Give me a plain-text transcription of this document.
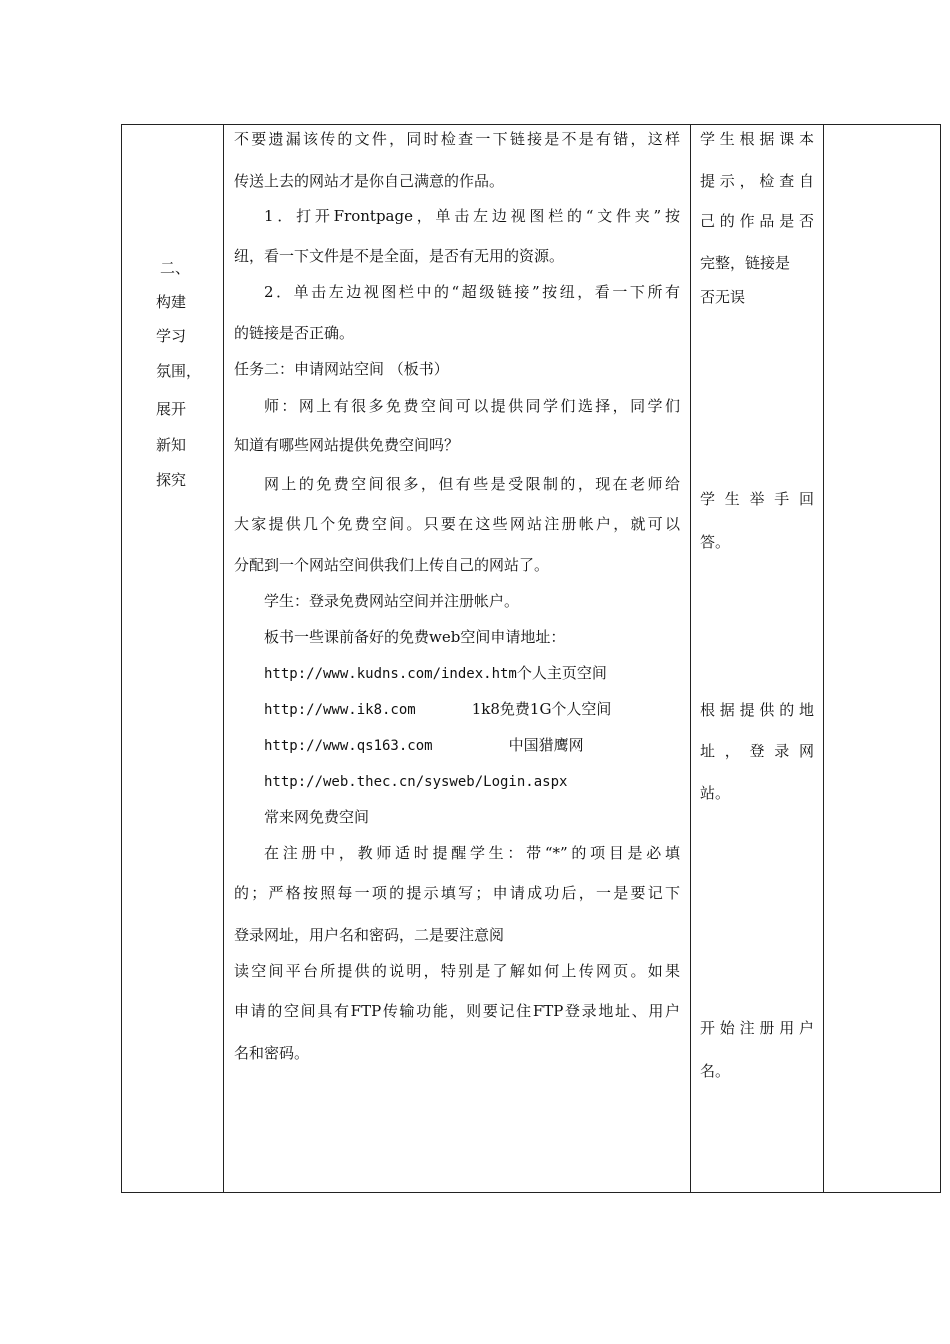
二、
构建
学习
氛围，
展开
新知
探究
不要遗漏该传的文件，同时检查一下链接是不是有错，这样
传送上去的网站才是你自己满意的作品。
1．打开Frontpage，单击左边视图栏的“文件夹”按
纽，看一下文件是不是全面，是否有无用的资源。
2．单击左边视图栏中的“超级链接”按纽，看一下所有
的链接是否正确。
任务二：申请网站空间 （板书）
师：网上有很多免费空间可以提供同学们选择，同学们
知道有哪些网站提供免费空间吗？
网上的免费空间很多，但有些是受限制的，现在老师给
大家提供几个免费空间。只要在这些网站注册帐户，就可以
分配到一个网站空间供我们上传自己的网站了。
学生：登录免费网站空间并注册帐户。
板书一些课前备好的免费web空间申请地址：
http://www.kudns.com/index.htm个人主页空间
http://www.ik8.com	1k8免费1G个人空间
http://www.qs163.com	中国猎鹰网
http://web.thec.cn/sysweb/Login.aspx
常来网免费空间
在注册中，教师适时提醒学生：带“*”的项目是必填
的；严格按照每一项的提示填写；申请成功后，一是要记下
登录网址，用户名和密码，二是要注意阅
读空间平台所提供的说明，特别是了解如何上传网页。如果
申请的空间具有FTP传输功能，则要记住FTP登录地址、用户
名和密码。
学生根据课本
提示，检查自
己的作品是否
完整，链接是
否无误
学生举手回
答。
根据提供的地
址，登录网
站。
开始注册用户
名。
